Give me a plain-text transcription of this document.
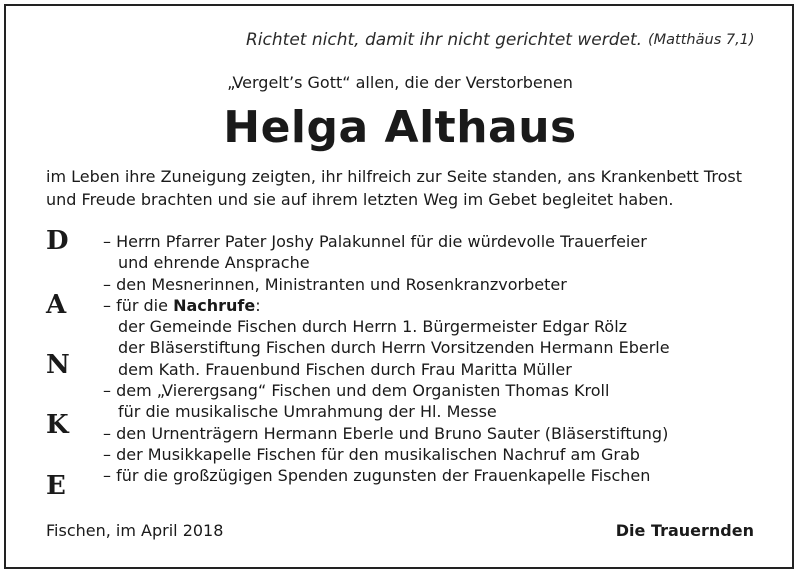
Richtet nicht, damit ihr nicht gerichtet werdet. (Matthäus 7,1)
„Vergelt’s Gott“ allen, die der Verstorbenen
Helga Althaus
im Leben ihre Zuneigung zeigten, ihr hilfreich zur Seite standen, ans Krankenbett Trost
und Freude brachten und sie auf ihrem letzten Weg im Gebet begleitet haben.
D
A
N
K
E
– Herrn Pfarrer Pater Joshy Palakunnel für die würdevolle Trauerfeier
und ehrende Ansprache
– den Mesnerinnen, Ministranten und Rosenkranzvorbeter
– für die Nachrufe:
der Gemeinde Fischen durch Herrn 1. Bürgermeister Edgar Rölz
der Bläserstiftung Fischen durch Herrn Vorsitzenden Hermann Eberle
dem Kath. Frauenbund Fischen durch Frau Maritta Müller
– dem „Vierergsang“ Fischen und dem Organisten Thomas Kroll
für die musikalische Umrahmung der Hl. Messe
– den Urnenträgern Hermann Eberle und Bruno Sauter (Bläserstiftung)
– der Musikkapelle Fischen für den musikalischen Nachruf am Grab
– für die großzügigen Spenden zugunsten der Frauenkapelle Fischen
Fischen, im April 2018	Die Trauernden
